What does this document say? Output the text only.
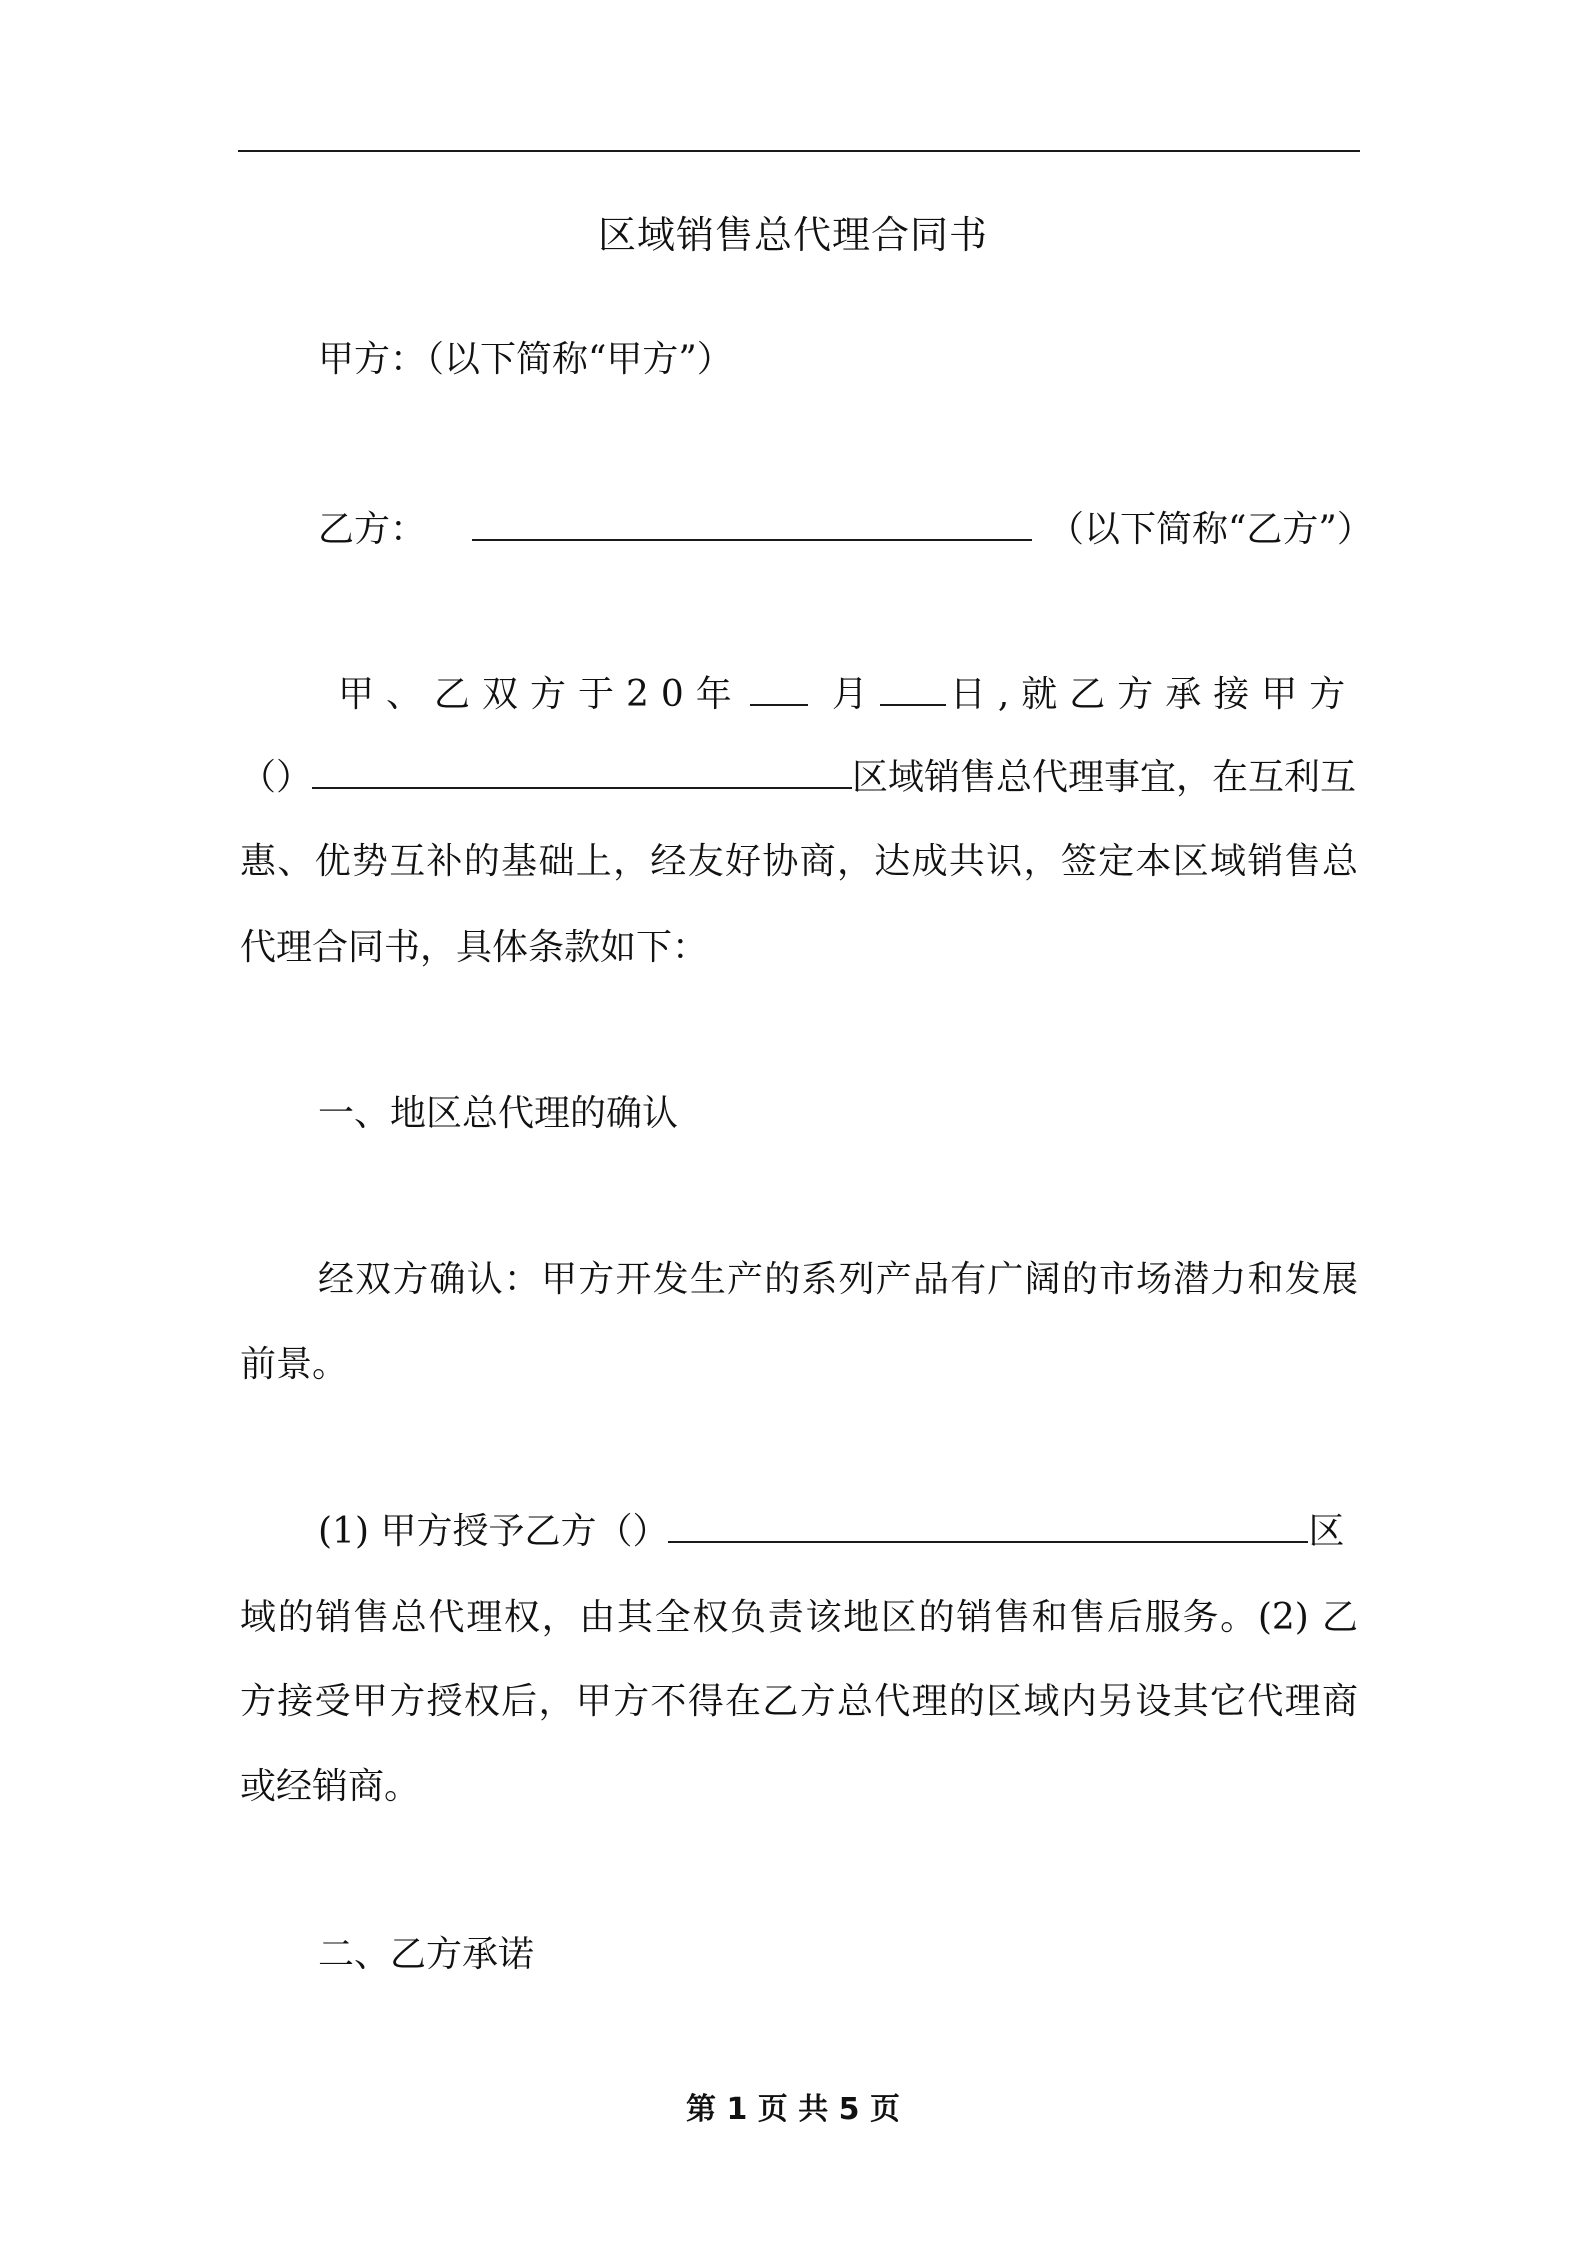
区域销售总代理合同书
甲方：（以下简称“甲方”）
乙方：	（以下简称“乙方”）
甲、乙双方于20年 月 日,就乙方承接甲方
（）	区域销售总代理事宜，在互利互
惠、优势互补的基础上，经友好协商，达成共识，签定本区域销售总
代理合同书，具体条款如下：
一、地区总代理的确认
经双方确认：甲方开发生产的系列产品有广阔的市场潜力和发展
前景。
(1) 甲方授予乙方（）	区
域的销售总代理权，由其全权负责该地区的销售和售后服务。(2) 乙
方接受甲方授权后，甲方不得在乙方总代理的区域内另设其它代理商
或经销商。
二、乙方承诺
第 1 页 共 5 页
